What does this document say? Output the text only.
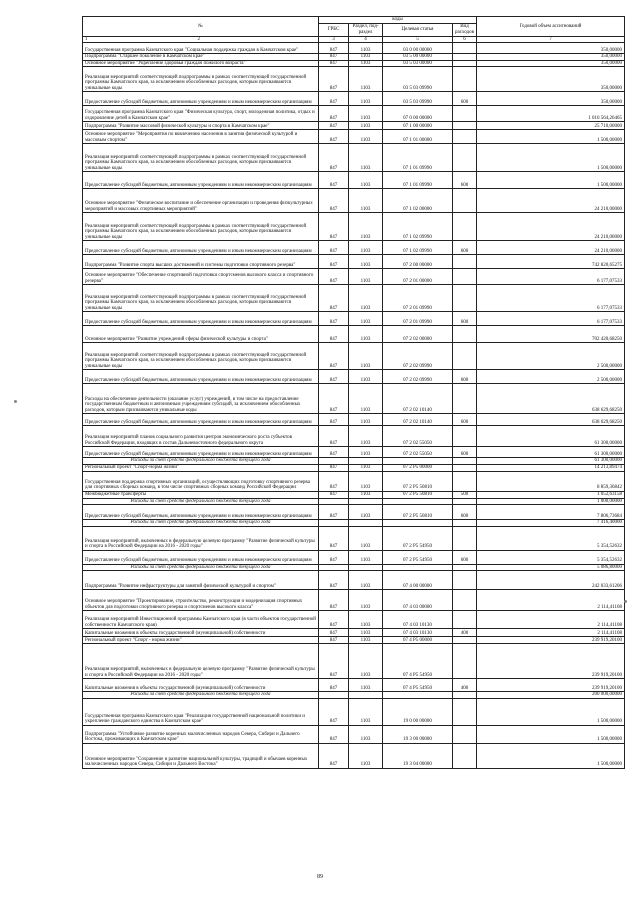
№	коды				Годовой объем ассигнований
	ГРБС	Раздел, под-раздел	Целевая статья	Вид расходов	
1 2	3	4	5	6	7
Государственная программа Камчатского края "Социальная поддержка граждан в Камчатском крае"	847	1103	03 0 00 00000		350,00000
Подпрограмма "Старшее поколение в Камчатском крае"	847	1103	03 5 00 00000		350,00000
Основное мероприятие "Укрепление здоровья граждан пожилого возраста"	847	1103	03 5 03 00000		350,00000
Реализация мероприятий соответствующей подпрограммы в рамках соответствующей государственной программы Камчатского края, за исключением обособленных расходов, которым присваиваются уникальные коды	847	1103	03 5 03 09990		350,00000
Предоставление субсидий бюджетным, автономным учреждениям и иным некоммерческим организациям	847	1103	03 5 03 09990	600	350,00000
Государственная программа Камчатского края "Физическая культура, спорт, молодежная политика, отдых и оздоровление детей в Камчатском крае"	847	1103	07 0 00 00000		1 010 564,26465
Подпрограмма "Развитие массовой физической культуры и спорта в Камчатском крае"	847	1103	07 1 00 00000		25 710,00000
Основное мероприятие "Мероприятия по вовлечению населения в занятия физической культурой и массовым спортом"	847	1103	07 1 01 00000		1 500,00000
Реализация мероприятий соответствующей подпрограммы в рамках соответствующей государственной программы Камчатского края, за исключением обособленных расходов, которым присваиваются уникальные коды	847	1103	07 1 01 09990		1 500,00000
Предоставление субсидий бюджетным, автономным учреждениям и иным некоммерческим организациям	847	1103	07 1 01 09990	600	1 500,00000
Основное мероприятие "Физическое воспитание и обеспечение организации и проведения физкультурных мероприятий и массовых спортивных мероприятий"	847	1103	07 1 02 00000		24 210,00000
Реализация мероприятий соответствующей подпрограммы в рамках соответствующей государственной программы Камчатского края, за исключением обособленных расходов, которым присваиваются уникальные коды	847	1103	07 1 02 09990		24 210,00000
Предоставление субсидий бюджетным, автономным учреждениям и иным некоммерческим организациям	847	1103	07 1 02 09990	600	24 210,00000
Подпрограмма "Развитие спорта высших достижений и системы подготовки спортивного резерва"	847	1103	07 2 00 00000		742 820,65275
Основное мероприятие "Обеспечение спортивной подготовки спортсменов высокого класса и спортивного резерва"	847	1103	07 2 01 00000		6 177,07533
Реализация мероприятий соответствующей подпрограммы в рамках соответствующей государственной программы Камчатского края, за исключением обособленных расходов, которым присваиваются уникальные коды	847	1103	07 2 01 09990		6 177,07533
Предоставление субсидий бюджетным, автономным учреждениям и иным некоммерческим организациям	847	1103	07 2 01 09990	600	6 177,07533
Основное мероприятие "Развитие учреждений сферы физической культуры и спорта"	847	1103	07 2 02 00000		702 420,68250
Реализация мероприятий соответствующей подпрограммы в рамках соответствующей государственной программы Камчатского края, за исключением обособленных расходов, которым присваиваются уникальные коды	847	1103	07 2 02 09990		2 500,00000
Предоставление субсидий бюджетным, автономным учреждениям и иным некоммерческим организациям	847	1103	07 2 02 09990	600	2 500,00000
Расходы на обеспечение деятельности (оказание услуг) учреждений, в том числе на предоставление государственным бюджетным и автономным учреждениям субсидий, за исключением обособленных расходов, которым присваиваются уникальные коды	847	1103	07 2 02 10140		638 629,68250
Предоставление субсидий бюджетным, автономным учреждениям и иным некоммерческим организациям	847	1103	07 2 02 10140	600	638 629,68250
Реализация мероприятий планов социального развития центров экономического роста субъектов Российской Федерации, входящих в состав Дальневосточного федерального округа	847	1103	07 2 02 55050		61 300,00000
Предоставление субсидий бюджетным, автономным учреждениям и иным некоммерческим организациям	847	1103	07 2 02 55050	600	61 300,00000
Расходы за счет средств федерального бюджета текущего года					61 300,00000
Региональный проект "Спорт-норма жизни"	847	1103	07 2 P5 00000		14 213,89474
Государственная поддержка спортивных организаций, осуществляющих подготовку спортивного резерва для спортивных сборных команд, в том числе спортивных сборных команд Российской Федерации	847	1103	07 2 P5 50810		8 859,36842
Межбюджетные трансферты	847	1103	07 2 P5 50810	500	1 052,63158
Расходы за счет средств федерального бюджета текущего года					1 000,00000
Предоставление субсидий бюджетным, автономным учреждениям и иным некоммерческим организациям	847	1103	07 2 P5 50810	600	7 806,73684
Расходы за счет средств федерального бюджета текущего года					7 416,40000
Реализация мероприятий, включенных в федеральную целевую программу "Развитие физической культуры и спорта в Российской Федерации на 2016 - 2020 годы"	847	1103	07 2 P5 54950		5 354,52632
Предоставление субсидий бюджетным, автономным учреждениям и иным некоммерческим организациям	847	1103	07 2 P5 54950	600	5 354,52632
Расходы за счет средств федерального бюджета текущего года					5 086,80000
Подпрограмма "Развитие инфраструктуры для занятий физической культурой и спортом"	847	1103	07 4 00 00000		242 033,61206
Основное мероприятие "Проектирование, строительство, реконструкция и модернизация спортивных объектов для подготовки спортивного резерва и спортсменов высокого класса"	847	1103	07 4 03 00000		2 114,41108
Реализация мероприятий Инвестиционной программы Камчатского края (в части объектов государственной собственности Камчатского края)	847	1103	07 4 03 10130		2 114,41108
Капитальные вложения в объекты государственной (муниципальной) собственности	847	1103	07 4 03 10130	400	2 114,41108
Региональный проект "Спорт - норма жизни"	847	1103	07 4 P5 00000		239 919,20100
Реализация мероприятий, включенных в федеральную целевую программу "Развитие физической культуры и спорта в Российской Федерации на 2016 - 2020 годы"	847	1103	07 4 P5 54950		239 919,20100
Капитальные вложения в объекты государственной (муниципальной) собственности	847	1103	07 4 P5 54950	400	239 919,20100
Расходы за счет средств федерального бюджета текущего года					200 000,00000
Государственная программа Камчатского края "Реализация государственной национальной политики и укрепление гражданского единства в Камчатском крае"	847	1103	19 0 00 00000		1 500,00000
Подпрограмма "Устойчивое развитие коренных малочисленных народов Севера, Сибири и Дальнего Востока, проживающих в Камчатском крае"	847	1103	19 3 00 00000		1 500,00000
Основное мероприятие "Сохранение и развитие национальной культуры, традиций и обычаев коренных малочисленных народов Севера, Сибири и Дальнего Востока"	847	1103	19 3 04 00000		1 500,00000
89
